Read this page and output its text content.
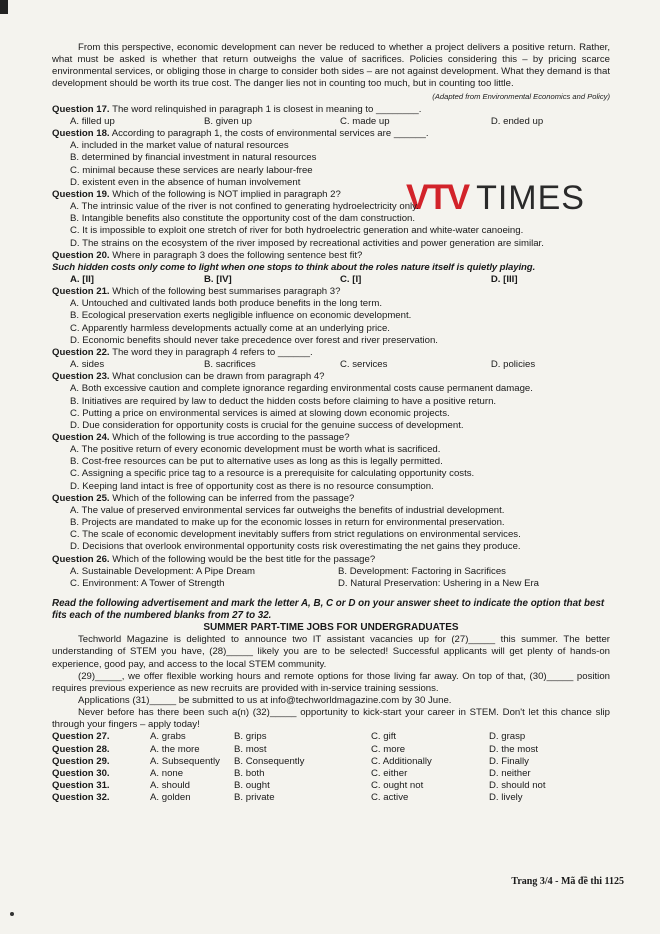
VTV TIMES

From this perspective, economic development can never be reduced to whether a project delivers a positive return. Rather, what must be asked is whether that return outweighs the value of sacrifices. Policies considering this – by pricing scarce environmental services, or obliging those in charge to consider both sides – are not against development. What they demand is that development should be worth its true cost. The danger lies not in counting too much, but in counting too little.

(Adapted from Environmental Economics and Policy)

Question 17. The word relinquished in paragraph 1 is closest in meaning to ________.

A. filled up	B. given up	C. made up	D. ended up

Question 18. According to paragraph 1, the costs of environmental services are ______.

A. included in the market value of natural resources

B. determined by financial investment in natural resources

C. minimal because these services are nearly labour-free

D. existent even in the absence of human involvement

Question 19. Which of the following is NOT implied in paragraph 2?

A. The intrinsic value of the river is not confined to generating hydroelectricity only.

B. Intangible benefits also constitute the opportunity cost of the dam construction.

C. It is impossible to exploit one stretch of river for both hydroelectric generation and white-water canoeing.

D. The strains on the ecosystem of the river imposed by recreational activities and power generation are similar.

Question 20. Where in paragraph 3 does the following sentence best fit?

Such hidden costs only come to light when one stops to think about the roles nature itself is quietly playing.

A. [II]	B. [IV]	C. [I]	D. [III]

Question 21. Which of the following best summarises paragraph 3?

A. Untouched and cultivated lands both produce benefits in the long term.

B. Ecological preservation exerts negligible influence on economic development.

C. Apparently harmless developments actually come at an underlying price.

D. Economic benefits should never take precedence over forest and river preservation.

Question 22. The word they in paragraph 4 refers to ______.

A. sides	B. sacrifices	C. services	D. policies

Question 23. What conclusion can be drawn from paragraph 4?

A. Both excessive caution and complete ignorance regarding environmental costs cause permanent damage.

B. Initiatives are required by law to deduct the hidden costs before claiming to have a positive return.

C. Putting a price on environmental services is aimed at slowing down economic projects.

D. Due consideration for opportunity costs is crucial for the genuine success of development.

Question 24. Which of the following is true according to the passage?

A. The positive return of every economic development must be worth what is sacrificed.

B. Cost-free resources can be put to alternative uses as long as this is legally permitted.

C. Assigning a specific price tag to a resource is a prerequisite for calculating opportunity costs.

D. Keeping land intact is free of opportunity cost as there is no resource consumption.

Question 25. Which of the following can be inferred from the passage?

A. The value of preserved environmental services far outweighs the benefits of industrial development.

B. Projects are mandated to make up for the economic losses in return for environmental preservation.

C. The scale of economic development inevitably suffers from strict regulations on environmental services.

D. Decisions that overlook environmental opportunity costs risk overestimating the net gains they produce.

Question 26. Which of the following would be the best title for the passage?

A. Sustainable Development: A Pipe Dream	B. Development: Factoring in Sacrifices
C. Environment: A Tower of Strength	D. Natural Preservation: Ushering in a New Era

Read the following advertisement and mark the letter A, B, C or D on your answer sheet to indicate the option that best fits each of the numbered blanks from 27 to 32.

SUMMER PART-TIME JOBS FOR UNDERGRADUATES

Techworld Magazine is delighted to announce two IT assistant vacancies up for (27)_____ this summer. The better understanding of STEM you have, (28)_____ likely you are to be selected! Successful applicants will get plenty of hands-on experience, good pay, and access to the local STEM community.

(29)_____, we offer flexible working hours and remote options for those living far away. On top of that, (30)_____ position requires previous experience as new recruits are provided with in-service training sessions.

Applications (31)_____ be submitted to us at info@techworldmagazine.com by 30 June.

Never before has there been such a(n) (32)_____ opportunity to kick-start your career in STEM. Don't let this chance slip through your fingers – apply today!

Question 27.	A. grabs	B. grips	C. gift	D. grasp
Question 28.	A. the more	B. most	C. more	D. the most
Question 29.	A. Subsequently	B. Consequently	C. Additionally	D. Finally
Question 30.	A. none	B. both	C. either	D. neither
Question 31.	A. should	B. ought	C. ought not	D. should not
Question 32.	A. golden	B. private	C. active	D. lively
Trang 3/4 - Mã đề thi 1125
